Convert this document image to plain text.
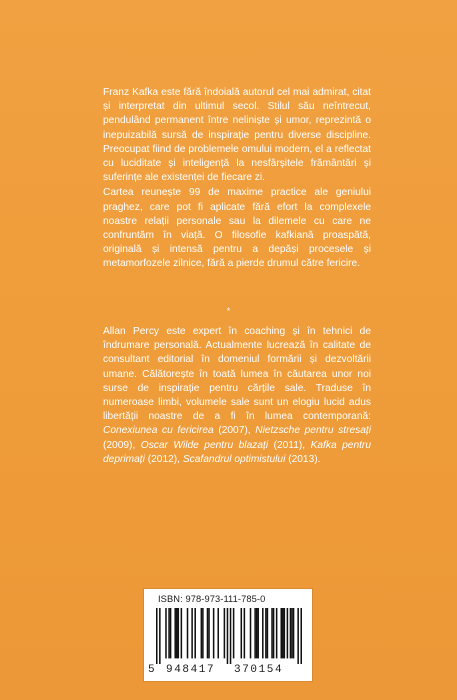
Franz Kafka este fără îndoială autorul cel mai admirat, citat și interpretat din ultimul secol. Stilul său neîntrecut, pendulând permanent între neliniște și umor, reprezintă o inepuizabilă sursă de inspirație pentru diverse discipline. Preocupat fiind de problemele omului modern, el a reflectat cu luciditate și inteligență la nesfârșitele frământări și suferințe ale existenței de fiecare zi.

Cartea reunește 99 de maxime practice ale geniului praghez, care pot fi aplicate fără efort la complexele noastre relații personale sau la dilemele cu care ne confruntăm în viață. O filosofie kafkiană proaspătă, originală și intensă pentru a depăși procesele și metamorfozele zilnice, fără a pierde drumul către fericire.

*

Allan Percy este expert în coaching și în tehnici de îndrumare personală. Actualmente lucrează în calitate de consultant editorial în domeniul formării și dezvoltării umane. Călătorește în toată lumea în căutarea unor noi surse de inspirație pentru cărțile sale. Traduse în numeroase limbi, volumele sale sunt un elogiu lucid adus libertății noastre de a fi în lumea contemporană: Conexiunea cu fericirea (2007), Nietzsche pentru stresați (2009), Oscar Wilde pentru blazați (2011), Kafka pentru deprimați (2012), Scafandrul optimistului (2013).

ISBN: 978-973-111-785-0
5 948417 370154
